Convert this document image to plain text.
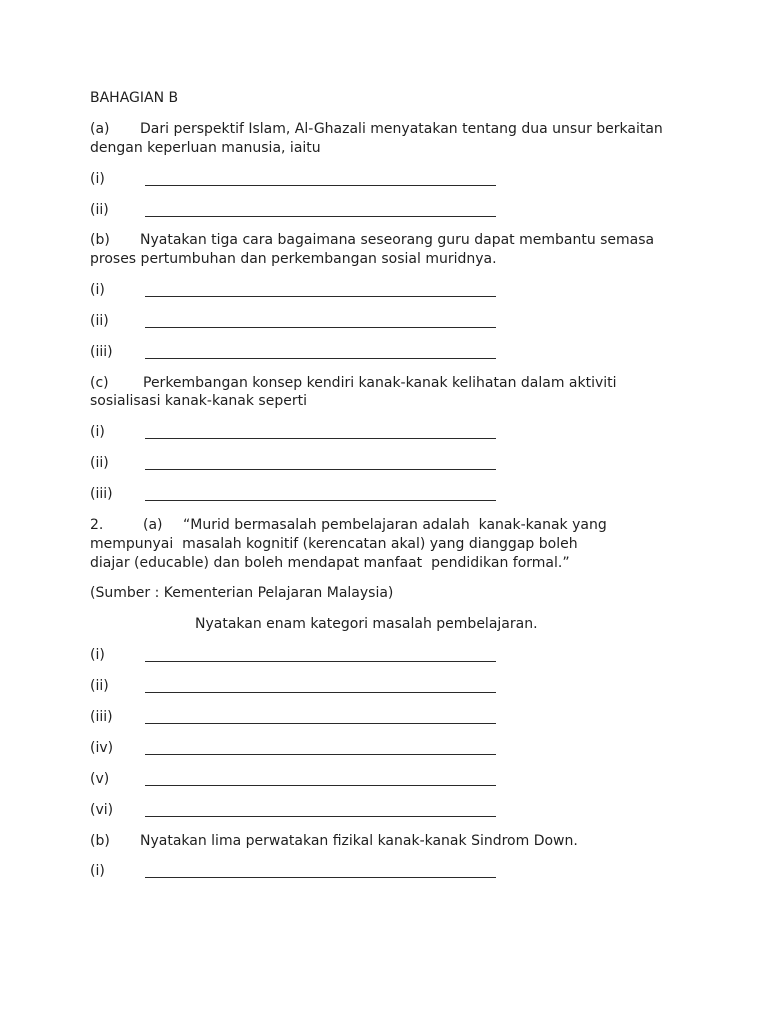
BAHAGIAN B
(a) Dari perspektif Islam, Al-Ghazali menyatakan tentang dua unsur berkaitan
dengan keperluan manusia, iaitu
(i)
(ii)
(b) Nyatakan tiga cara bagaimana seseorang guru dapat membantu semasa
proses pertumbuhan dan perkembangan sosial muridnya.
(i)
(ii)
(iii)
(c) Perkembangan konsep kendiri kanak-kanak kelihatan dalam aktiviti
sosialisasi kanak-kanak seperti
(i)
(ii)
(iii)
2.	(a) “Murid bermasalah pembelajaran adalah  kanak-kanak yang
mempunyai  masalah kognitif (kerencatan akal) yang dianggap boleh
diajar (educable) dan boleh mendapat manfaat  pendidikan formal.”
(Sumber : Kementerian Pelajaran Malaysia)
Nyatakan enam kategori masalah pembelajaran.
(i)
(ii)
(iii)
(iv)
(v)
(vi)
(b) Nyatakan lima perwatakan fizikal kanak-kanak Sindrom Down.
(i)
